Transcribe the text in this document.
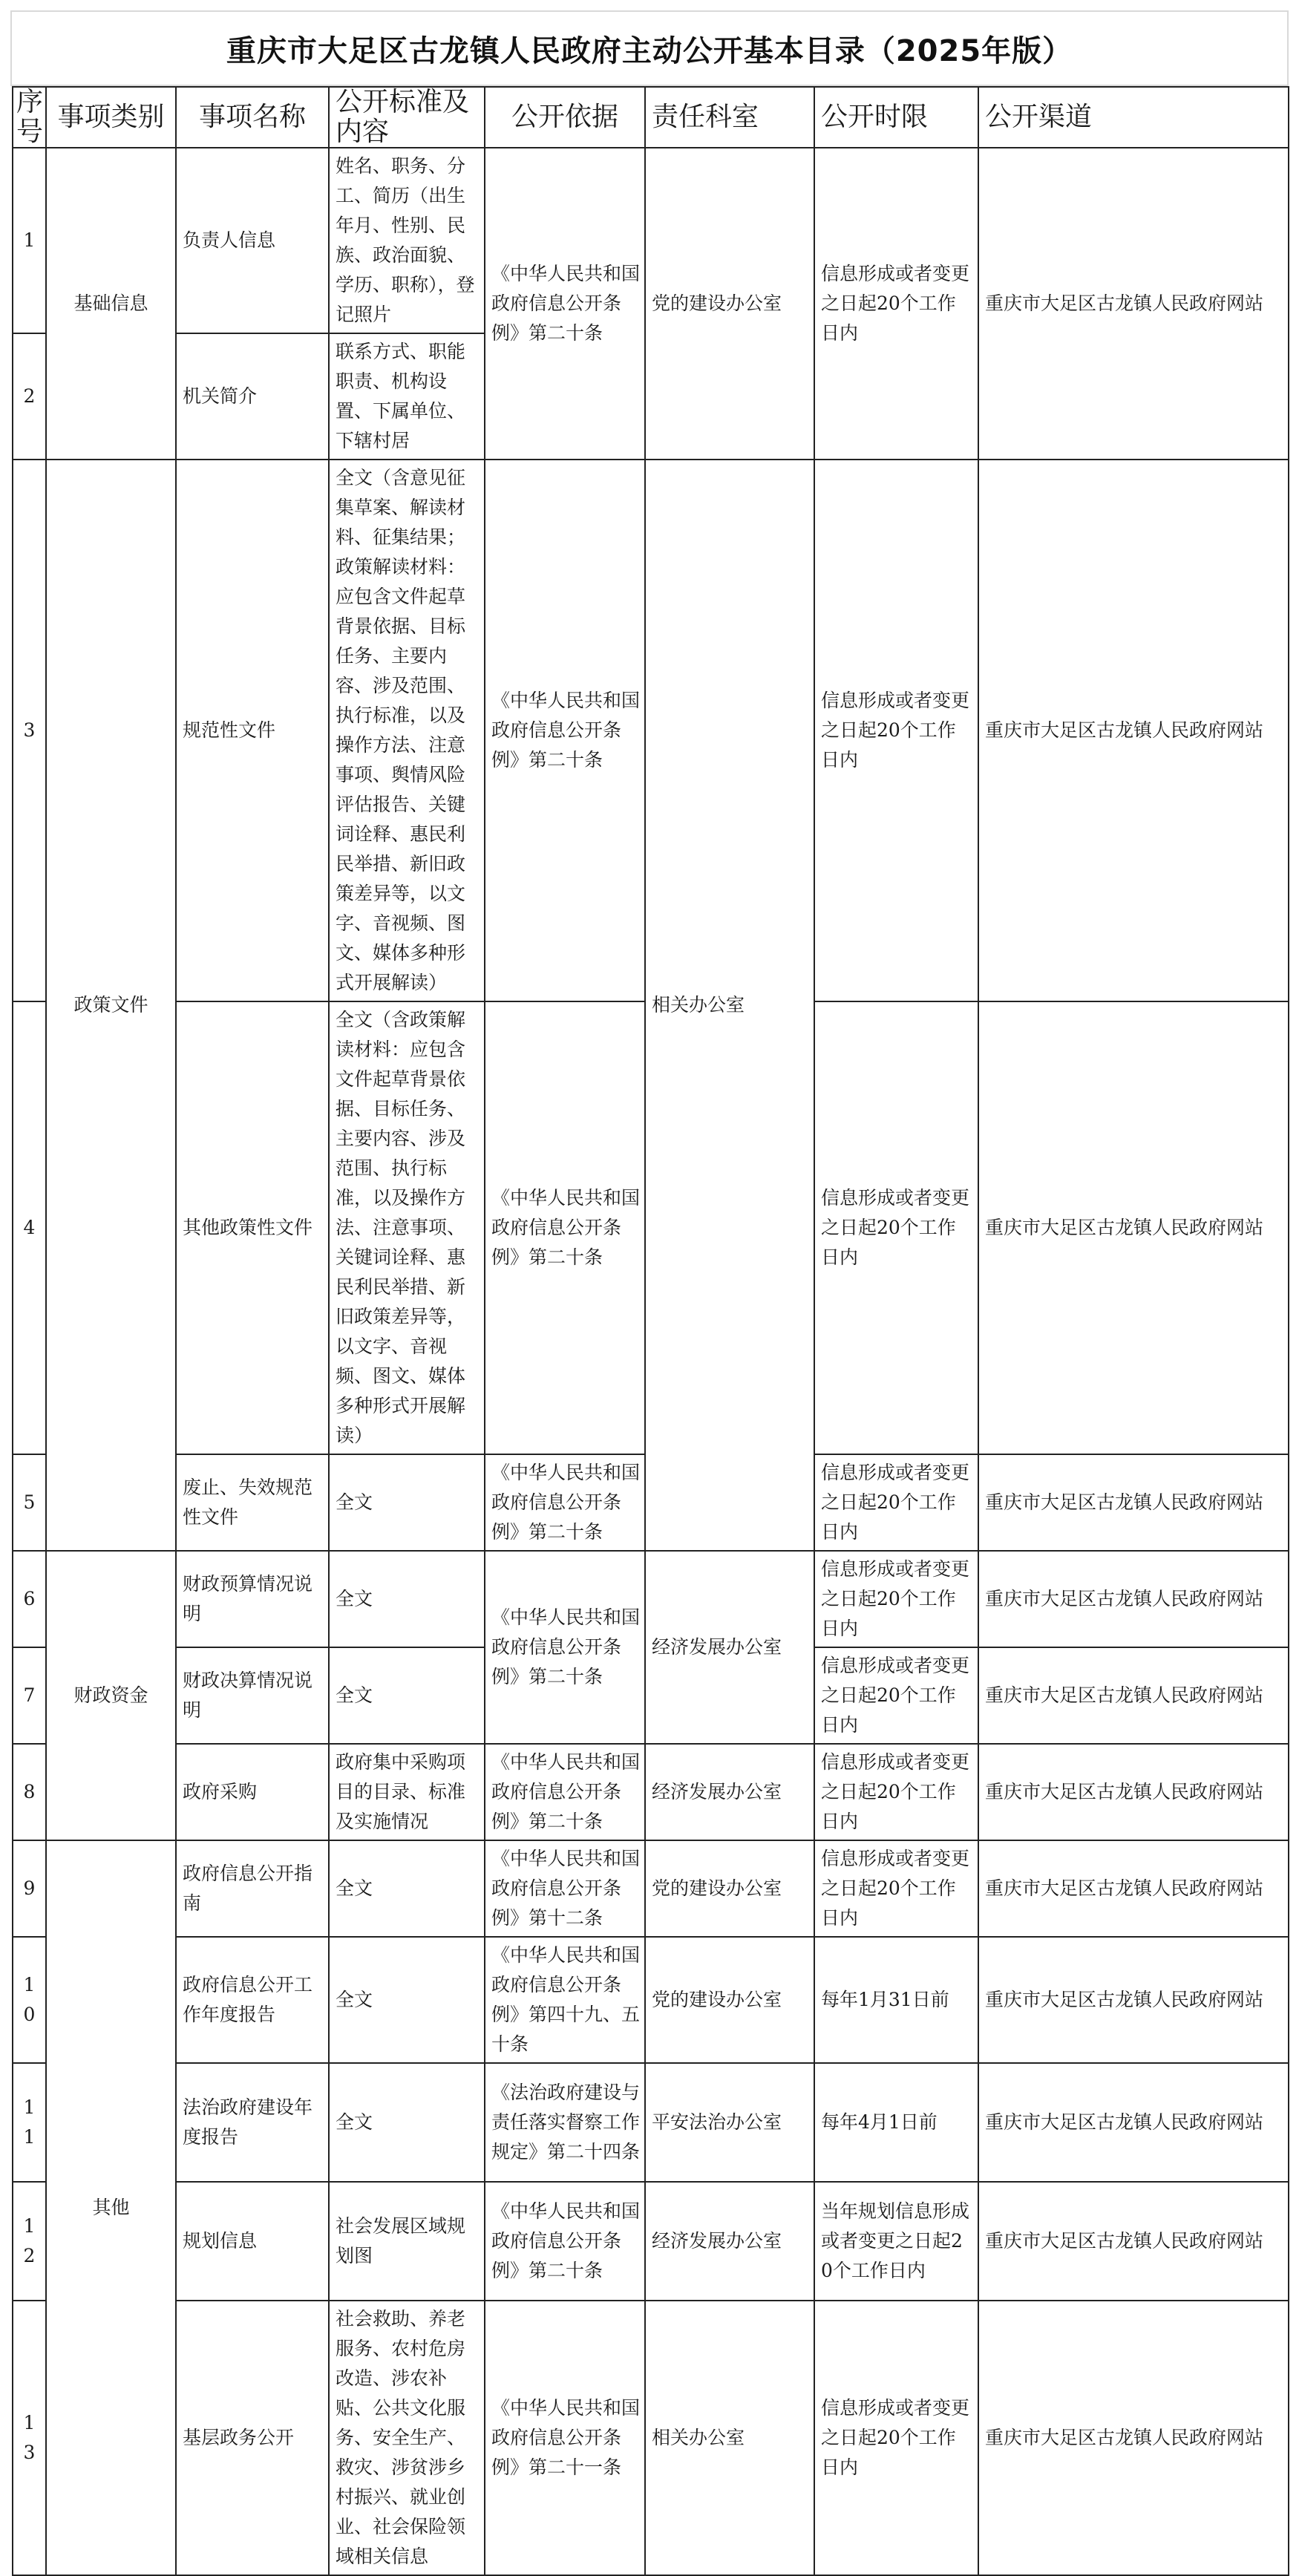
重庆市大足区古龙镇人民政府主动公开基本目录（2025年版）
序号	事项类别	事项名称	公开标准及内容	公开依据	责任科室	公开时限	公开渠道
1	基础信息	负责人信息	姓名、职务、分工、简历（出生年月、性别、民族、政治面貌、学历、职称），登记照片	《中华人民共和国政府信息公开条例》第二十条	党的建设办公室	信息形成或者变更之日起20个工作日内	重庆市大足区古龙镇人民政府网站
2		机关简介	联系方式、职能职责、机构设置、下属单位、下辖村居				
3	政策文件	规范性文件	全文（含意见征集草案、解读材料、征集结果；政策解读材料：应包含文件起草背景依据、目标任务、主要内容、涉及范围、执行标准，以及操作方法、注意事项、舆情风险评估报告、关键词诠释、惠民利民举措、新旧政策差异等，以文字、音视频、图文、媒体多种形式开展解读）	《中华人民共和国政府信息公开条例》第二十条	相关办公室	信息形成或者变更之日起20个工作日内	重庆市大足区古龙镇人民政府网站
4		其他政策性文件	全文（含政策解读材料：应包含文件起草背景依据、目标任务、主要内容、涉及范围、执行标准，以及操作方法、注意事项、关键词诠释、惠民利民举措、新旧政策差异等，以文字、音视频、图文、媒体多种形式开展解读）	《中华人民共和国政府信息公开条例》第二十条		信息形成或者变更之日起20个工作日内	重庆市大足区古龙镇人民政府网站
5		废止、失效规范性文件	全文	《中华人民共和国政府信息公开条例》第二十条		信息形成或者变更之日起20个工作日内	重庆市大足区古龙镇人民政府网站
6	财政资金	财政预算情况说明	全文	《中华人民共和国政府信息公开条例》第二十条	经济发展办公室	信息形成或者变更之日起20个工作日内	重庆市大足区古龙镇人民政府网站
7		财政决算情况说明	全文			信息形成或者变更之日起20个工作日内	重庆市大足区古龙镇人民政府网站
8		政府采购	政府集中采购项目的目录、标准及实施情况	《中华人民共和国政府信息公开条例》第二十条	经济发展办公室	信息形成或者变更之日起20个工作日内	重庆市大足区古龙镇人民政府网站
9	其他	政府信息公开指南	全文	《中华人民共和国政府信息公开条例》第十二条	党的建设办公室	信息形成或者变更之日起20个工作日内	重庆市大足区古龙镇人民政府网站
10		政府信息公开工作年度报告	全文	《中华人民共和国政府信息公开条例》第四十九、五十条	党的建设办公室	每年1月31日前	重庆市大足区古龙镇人民政府网站
11		法治政府建设年度报告	全文	《法治政府建设与责任落实督察工作规定》第二十四条	平安法治办公室	每年4月1日前	重庆市大足区古龙镇人民政府网站
12		规划信息	社会发展区域规划图	《中华人民共和国政府信息公开条例》第二十条	经济发展办公室	当年规划信息形成或者变更之日起20个工作日内	重庆市大足区古龙镇人民政府网站
13		基层政务公开	社会救助、养老服务、农村危房改造、涉农补贴、公共文化服务、安全生产、救灾、涉贫涉乡村振兴、就业创业、社会保险领域相关信息	《中华人民共和国政府信息公开条例》第二十一条	相关办公室	信息形成或者变更之日起20个工作日内	重庆市大足区古龙镇人民政府网站
